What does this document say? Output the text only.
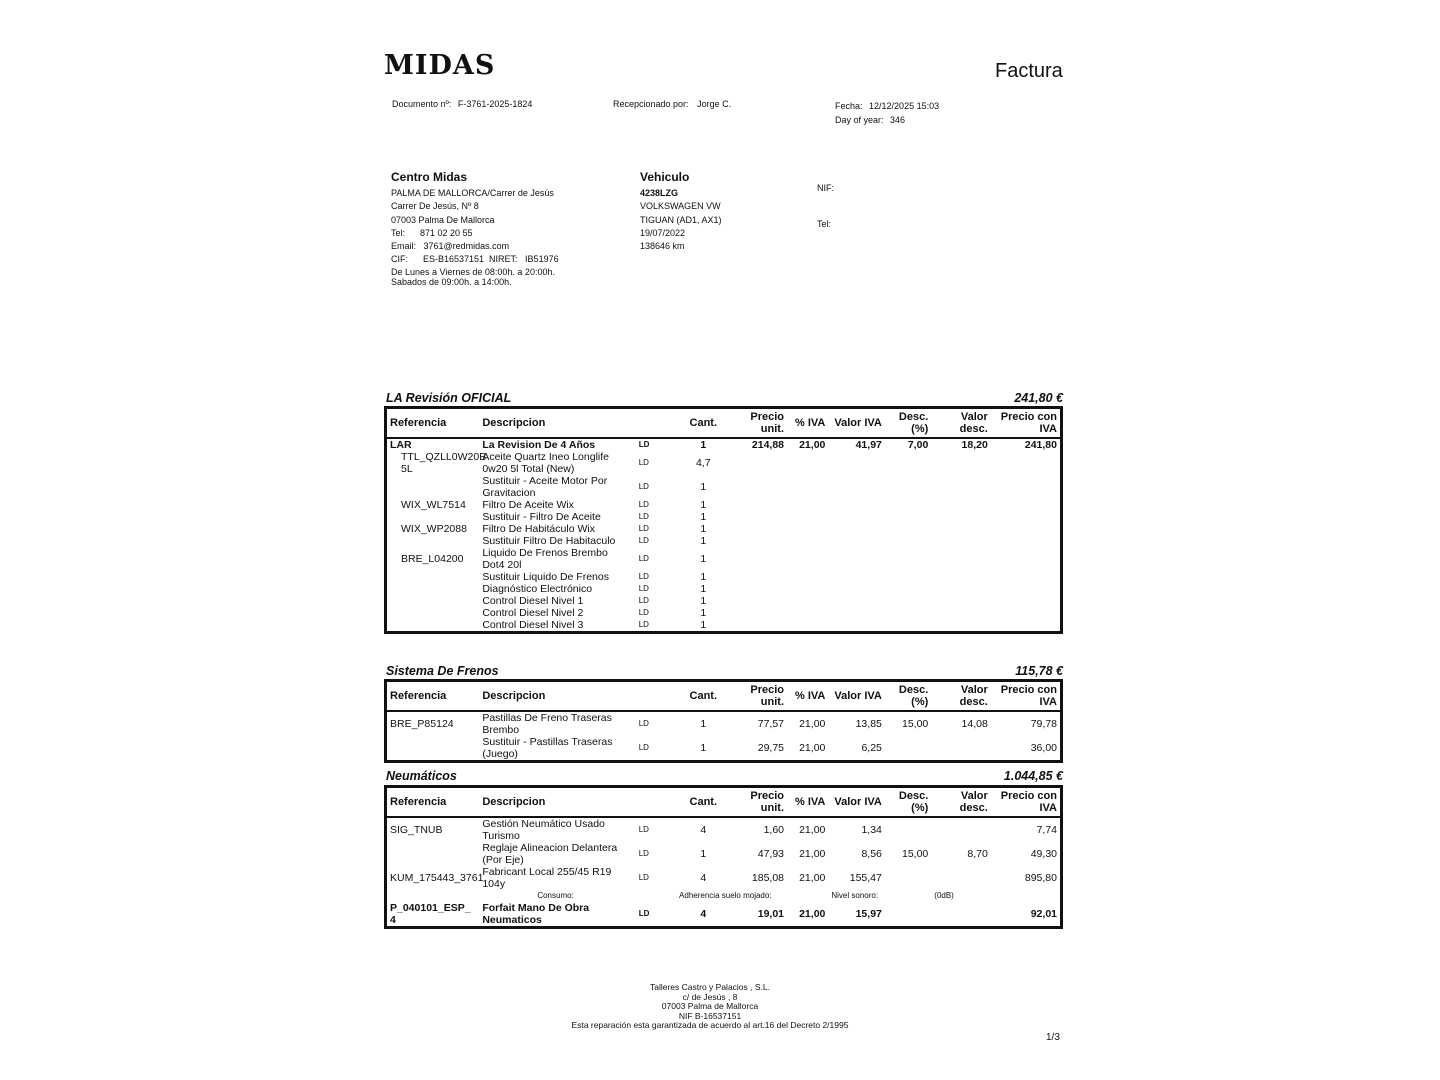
MIDAS	Factura
Documento nº: F-3761-2025-1824	Recepcionado por: Jorge C.	Fecha: 12/12/2025 15:03
Day of year: 346
Centro Midas
PALMA DE MALLORCA/Carrer de Jesús
Carrer De Jesús, Nº 8
07003 Palma De Mallorca
Tel:      871 02 20 55
Email:   3761@redmidas.com
CIF:      ES-B16537151  NIRET:   IB51976
De Lunes a Viernes de 08:00h. a 20:00h.
Sabados de 09:00h. a 14:00h.
Vehiculo
4238LZG
VOLKSWAGEN VW
TIGUAN (AD1, AX1)
19/07/2022
138646 km
NIF:
Tel:
LA Revisión OFICIAL	241,80 €
Referencia	Descripcion		Cant.	Precio unit.	% IVA	Valor IVA	Desc. (%)	Valor desc.	Precio con IVA
LAR	La Revision De 4 Años	LD	1	214,88	21,00	41,97	7,00	18,20	241,80
TTL_QZLL0W20B 5L	Aceite Quartz Ineo Longlife 0w20 5l Total (New)	LD	4,7						
	Sustituir - Aceite Motor Por Gravitacion	LD	1						
WIX_WL7514	Filtro De Aceite Wix	LD	1						
	Sustituir - Filtro De Aceite	LD	1						
WIX_WP2088	Filtro De Habitáculo Wix	LD	1						
	Sustituir Filtro De Habitaculo	LD	1						
BRE_L04200	Liquido De Frenos Brembo Dot4 20l	LD	1						
	Sustituir Liquido De Frenos	LD	1						
	Diagnóstico Electrónico	LD	1						
	Control Diesel Nivel 1	LD	1						
	Control Diesel Nivel 2	LD	1						
	Control Diesel Nivel 3	LD	1						
Sistema De Frenos	115,78 €
Referencia	Descripcion		Cant.	Precio unit.	% IVA	Valor IVA	Desc. (%)	Valor desc.	Precio con IVA
BRE_P85124	Pastillas De Freno Traseras Brembo	LD	1	77,57	21,00	13,85	15,00	14,08	79,78
	Sustituir - Pastillas Traseras (Juego)	LD	1	29,75	21,00	6,25			36,00
Neumáticos	1.044,85 €
Referencia	Descripcion		Cant.	Precio unit.	% IVA	Valor IVA	Desc. (%)	Valor desc.	Precio con IVA
SIG_TNUB	Gestión Neumático Usado Turismo	LD	4	1,60	21,00	1,34			7,74
	Reglaje Alineacion Delantera (Por Eje)	LD	1	47,93	21,00	8,56	15,00	8,70	49,30
KUM_175443_3761	Fabricant Local 255/45 R19 104y	LD	4	185,08	21,00	155,47			895,80
	Consumo:		Adherencia suelo mojado:			Nivel sonoro:		(0dB)	
P_040101_ESP_ 4	Forfait Mano De Obra Neumaticos	LD	4	19,01	21,00	15,97			92,01
Talleres Castro y Palacios , S.L.
c/ de Jesús , 8
07003 Palma de Mallorca
NIF B-16537151
Esta reparación esta garantizada de acuerdo al art.16 del Decreto 2/1995
1/3
